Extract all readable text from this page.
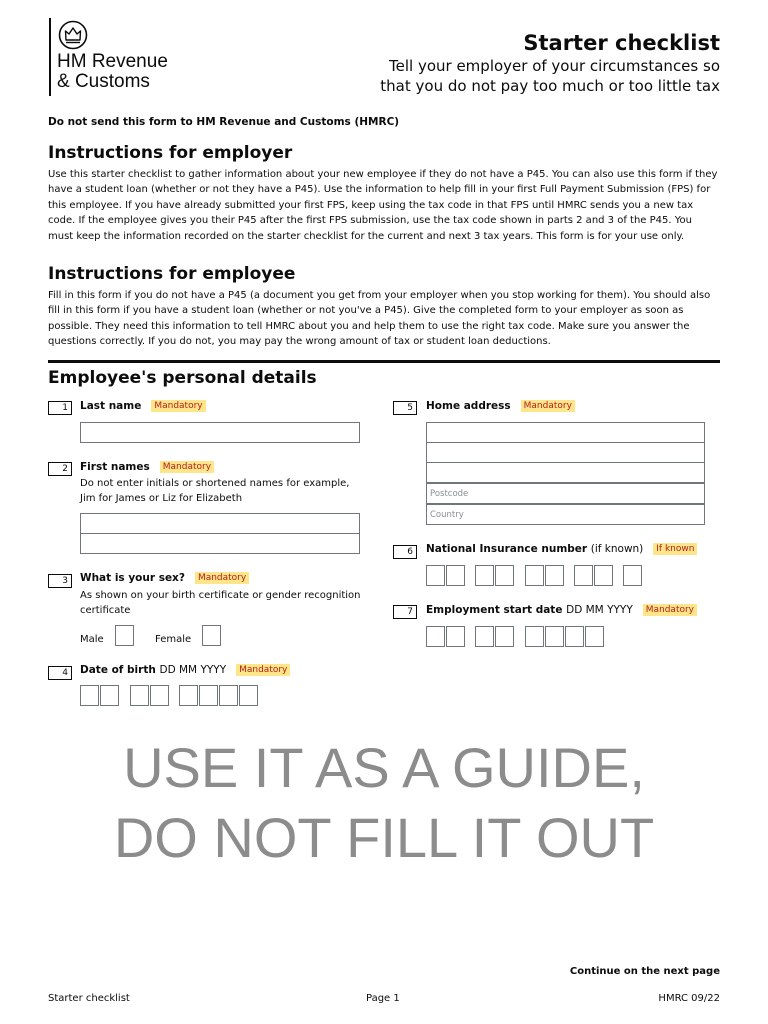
HM Revenue
& Customs
Starter checklist
Tell your employer of your circumstances so that you do not pay too much or too little tax
Do not send this form to HM Revenue and Customs (HMRC)
Instructions for employer

Use this starter checklist to gather information about your new employee if they do not have a P45. You can also use this form if they have a student loan (whether or not they have a P45). Use the information to help fill in your first Full Payment Submission (FPS) for this employee. If you have already submitted your first FPS, keep using the tax code in that FPS until HMRC sends you a new tax code. If the employee gives you their P45 after the first FPS submission, use the tax code shown in parts 2 and 3 of the P45. You must keep the information recorded on the starter checklist for the current and next 3 tax years. This form is for your use only.

Instructions for employee

Fill in this form if you do not have a P45 (a document you get from your employer when you stop working for them). You should also fill in this form if you have a student loan (whether or not you've a P45). Give the completed form to your employer as soon as possible. They need this information to tell HMRC about you and help them to use the right tax code. Make sure you answer the questions correctly. If you do not, you may pay the wrong amount of tax or student loan deductions.

Employee's personal details
1	Last name Mandatory
2	First names Mandatory
Do not enter initials or shortened names for example, Jim for James or Liz for Elizabeth
3	What is your sex? Mandatory
As shown on your birth certificate or gender recognition certificate
Male	Female
4	Date of birth DD MM YYYY Mandatory
5	Home address Mandatory
Postcode
Country
6	National Insurance number (if known) If known
7	Employment start date DD MM YYYY Mandatory
USE IT AS A GUIDE,
DO NOT FILL IT OUT
Continue on the next page
Starter checklist	Page 1	HMRC 09/22
